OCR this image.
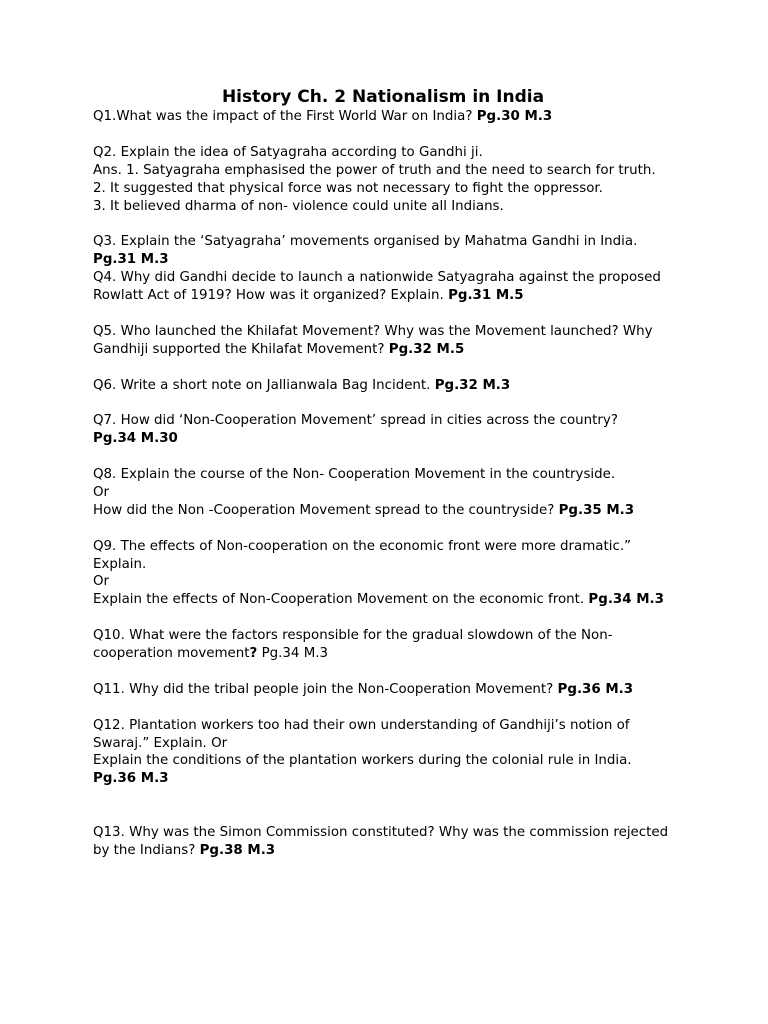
History Ch. 2 Nationalism in India

Q1.What was the impact of the First World War on India? Pg.30 M.3

Q2. Explain the idea of Satyagraha according to Gandhi ji.

Ans. 1. Satyagraha emphasised the power of truth and the need to search for truth.

2. It suggested that physical force was not necessary to fight the oppressor.

3. It believed dharma of non- violence could unite all Indians.

Q3. Explain the ‘Satyagraha’ movements organised by Mahatma Gandhi in India.
Pg.31 M.3

Q4. Why did Gandhi decide to launch a nationwide Satyagraha against the proposed Rowlatt Act of 1919? How was it organized? Explain. Pg.31 M.5

Q5. Who launched the Khilafat Movement? Why was the Movement launched? Why Gandhiji supported the Khilafat Movement? Pg.32 M.5

Q6. Write a short note on Jallianwala Bag Incident. Pg.32 M.3

Q7. How did ‘Non-Cooperation Movement’ spread in cities across the country?
Pg.34 M.30

Q8. Explain the course of the Non- Cooperation Movement in the countryside.

Or

How did the Non -Cooperation Movement spread to the countryside? Pg.35 M.3

Q9. The effects of Non-cooperation on the economic front were more dramatic.” Explain.

Or

Explain the effects of Non-Cooperation Movement on the economic front. Pg.34 M.3

Q10. What were the factors responsible for the gradual slowdown of the Non-cooperation movement? Pg.34 M.3

Q11. Why did the tribal people join the Non-Cooperation Movement? Pg.36 M.3

Q12. Plantation workers too had their own understanding of Gandhiji’s notion of Swaraj.” Explain. Or

Explain the conditions of the plantation workers during the colonial rule in India.
Pg.36 M.3

Q13. Why was the Simon Commission constituted? Why was the commission rejected by the Indians? Pg.38 M.3
